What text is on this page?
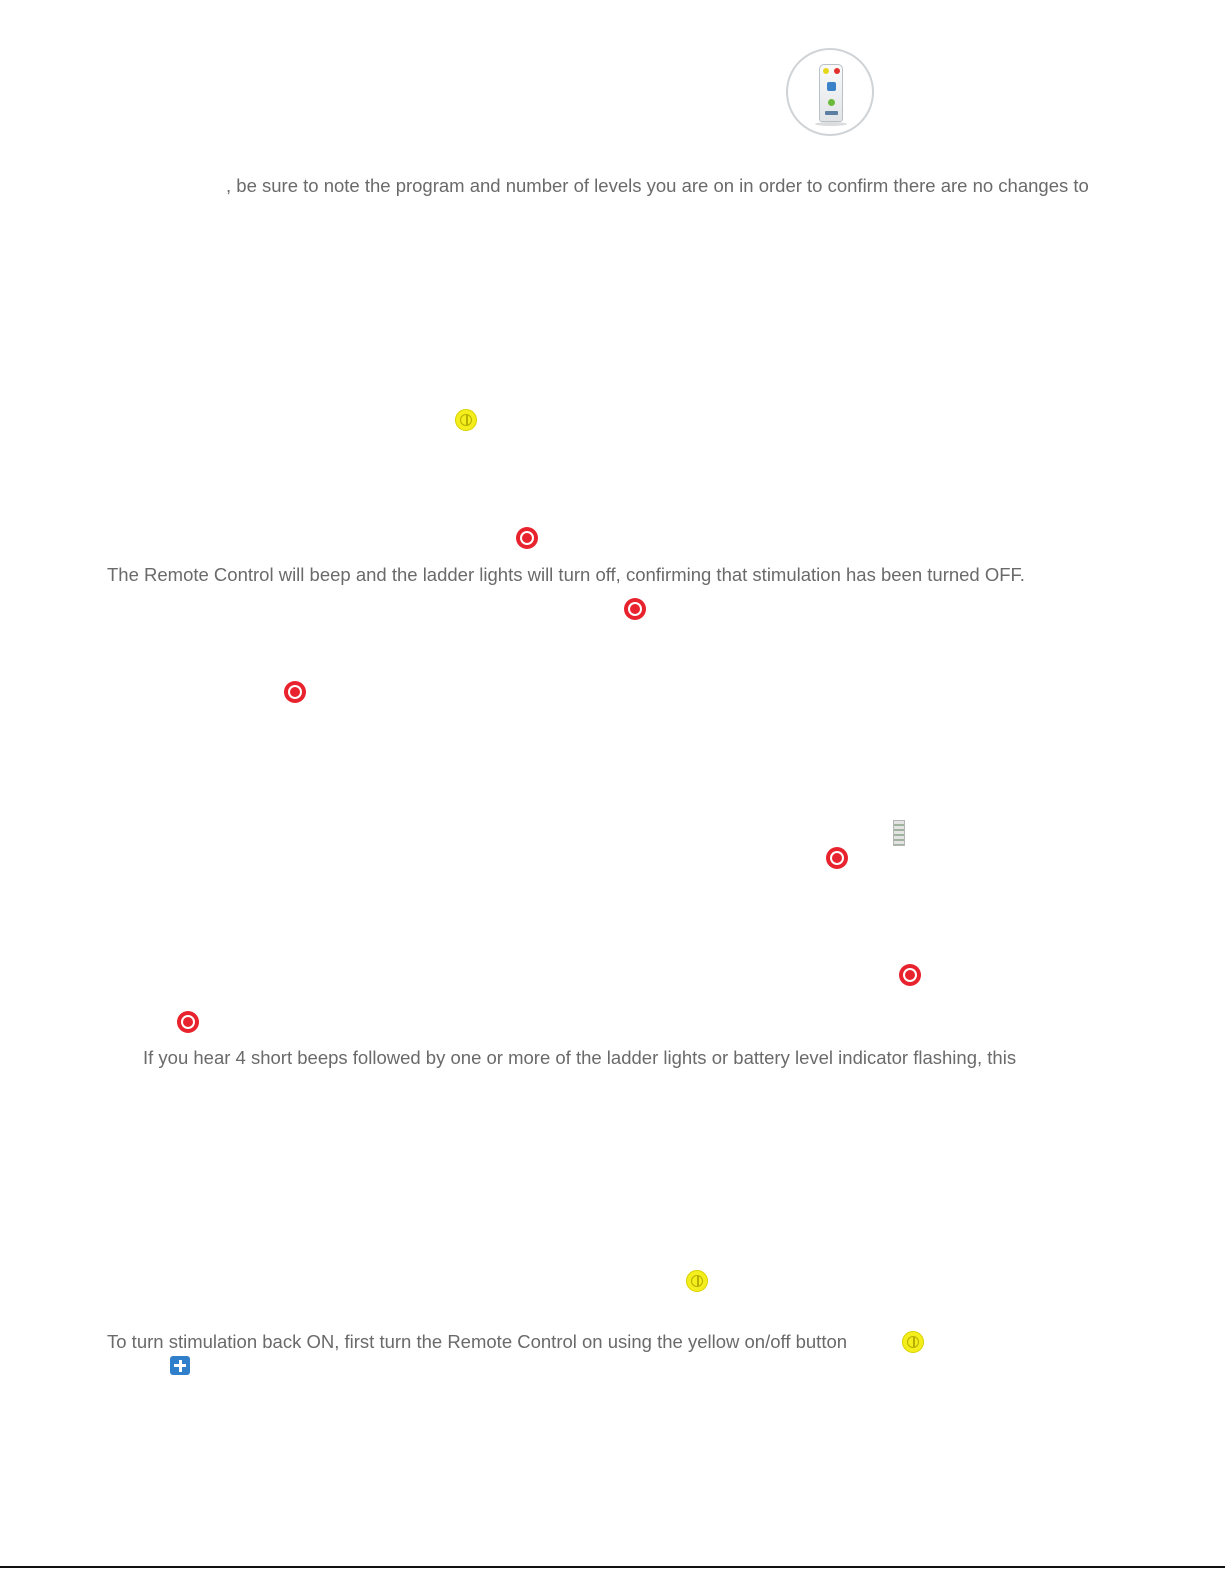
, be sure to note the program and number of levels you are on in order to confirm there are no changes to

The Remote Control will beep and the ladder lights will turn off, confirming that stimulation has been turned OFF.

If you hear 4 short beeps followed by one or more of the ladder lights or battery level indicator flashing, this

To turn stimulation back ON, first turn the Remote Control on using the yellow on/off button
